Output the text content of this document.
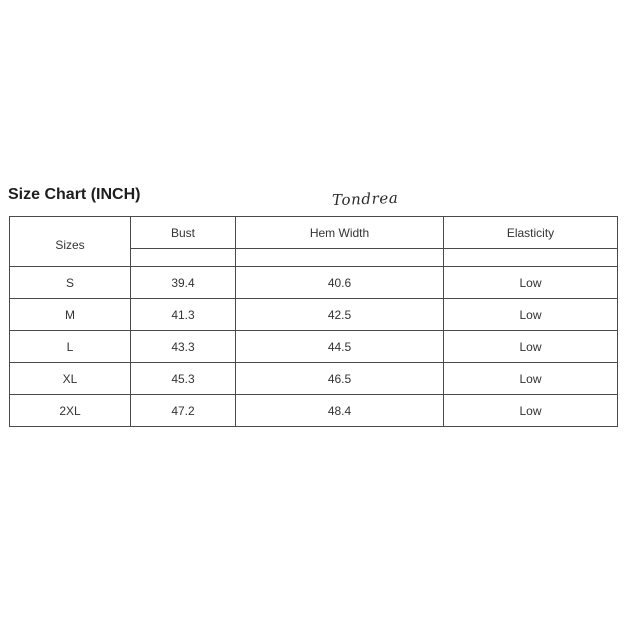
Size Chart (INCH)	Tondrea
Sizes	Bust	Hem Width	Elasticity

S	39.4	40.6	Low
M	41.3	42.5	Low
L	43.3	44.5	Low
XL	45.3	46.5	Low
2XL	47.2	48.4	Low
